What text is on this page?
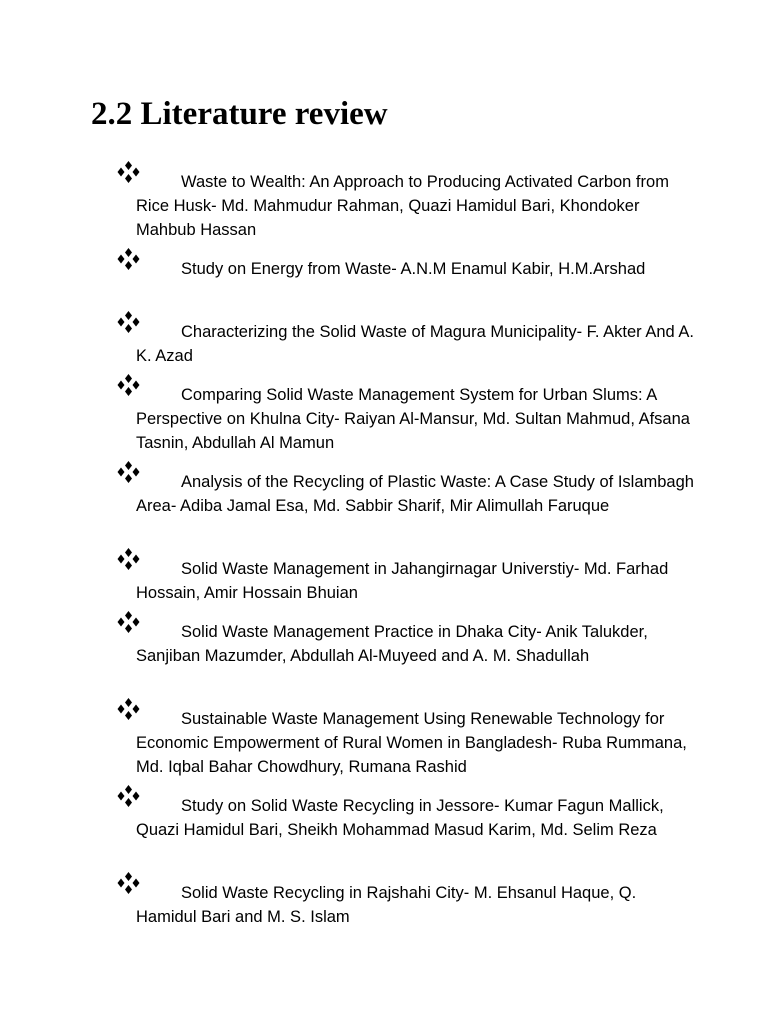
2.2 Literature review

Waste to Wealth: An Approach to Producing Activated Carbon from Rice Husk- Md. Mahmudur Rahman, Quazi Hamidul Bari, Khondoker Mahbub Hassan

Study on Energy from Waste- A.N.M Enamul Kabir, H.M.Arshad

Characterizing the Solid Waste of Magura Municipality- F. Akter And A. K. Azad

Comparing Solid Waste Management System for Urban Slums: A Perspective on Khulna City- Raiyan Al-Mansur, Md. Sultan Mahmud, Afsana Tasnin, Abdullah Al Mamun

Analysis of the Recycling of Plastic Waste: A Case Study of Islambagh Area- Adiba Jamal Esa, Md. Sabbir Sharif, Mir Alimullah Faruque

Solid Waste Management in Jahangirnagar Universtiy- Md. Farhad Hossain, Amir Hossain Bhuian

Solid Waste Management Practice in Dhaka City- Anik Talukder, Sanjiban Mazumder, Abdullah Al-Muyeed and A. M. Shadullah

Sustainable Waste Management Using Renewable Technology for Economic Empowerment of Rural Women in Bangladesh- Ruba Rummana, Md. Iqbal Bahar Chowdhury, Rumana Rashid

Study on Solid Waste Recycling in Jessore- Kumar Fagun Mallick, Quazi Hamidul Bari, Sheikh Mohammad Masud Karim, Md. Selim Reza

Solid Waste Recycling in Rajshahi City- M. Ehsanul Haque, Q. Hamidul Bari and M. S. Islam
